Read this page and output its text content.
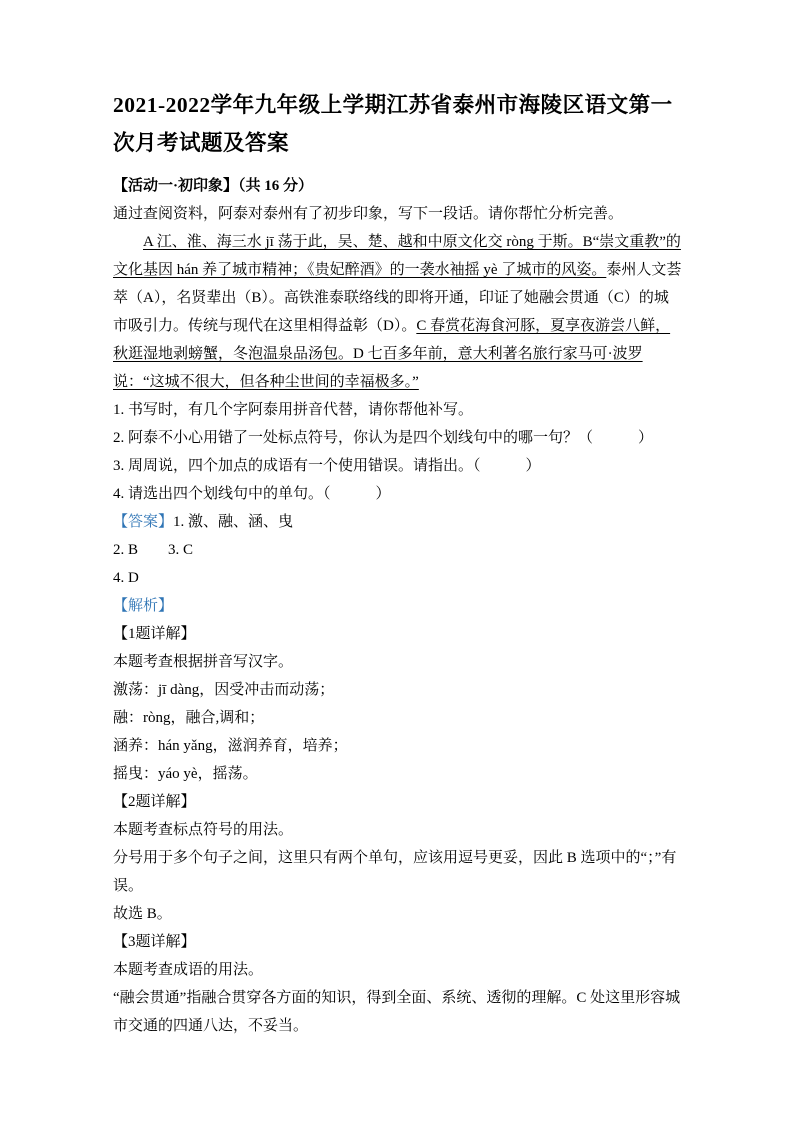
2021-2022学年九年级上学期江苏省泰州市海陵区语文第一次月考试题及答案

【活动一·初印象】（共 16 分）

通过查阅资料，阿泰对泰州有了初步印象，写下一段话。请你帮忙分析完善。

A 江、淮、海三水 jī 荡于此，吴、楚、越和中原文化交 ròng 于斯。B“崇文重教”的文化基因 hán 养了城市精神；《贵妃醉酒》的一袭水袖摇 yè 了城市的风姿。泰州人文荟萃（A），名贤辈出（B）。高铁淮泰联络线的即将开通，印证了她融会贯通（C）的城市吸引力。传统与现代在这里相得益彰（D）。C 春赏花海食河豚，夏享夜游尝八鲜，秋逛湿地剥螃蟹，冬泡温泉品汤包。D 七百多年前，意大利著名旅行家马可·波罗说：“这城不很大，但各种尘世间的幸福极多。”

1. 书写时，有几个字阿泰用拼音代替，请你帮他补写。

2. 阿泰不小心用错了一处标点符号，你认为是四个划线句中的哪一句？（　　　）

3. 周周说，四个加点的成语有一个使用错误。请指出。（　　　）

4. 请选出四个划线句中的单句。（　　　）

【答案】1. 激、融、涵、曳

2. B　　3. C

4. D

【解析】

【1题详解】

本题考查根据拼音写汉字。

激荡：jī dàng，因受冲击而动荡；

融：ròng，融合,调和；

涵养：hán yǎng，滋润养育，培养；

摇曳：yáo yè，摇荡。

【2题详解】

本题考查标点符号的用法。

分号用于多个句子之间，这里只有两个单句，应该用逗号更妥，因此 B 选项中的“；”有误。

故选 B。

【3题详解】

本题考查成语的用法。

“融会贯通”指融合贯穿各方面的知识，得到全面、系统、透彻的理解。C 处这里形容城市交通的四通八达，不妥当。
